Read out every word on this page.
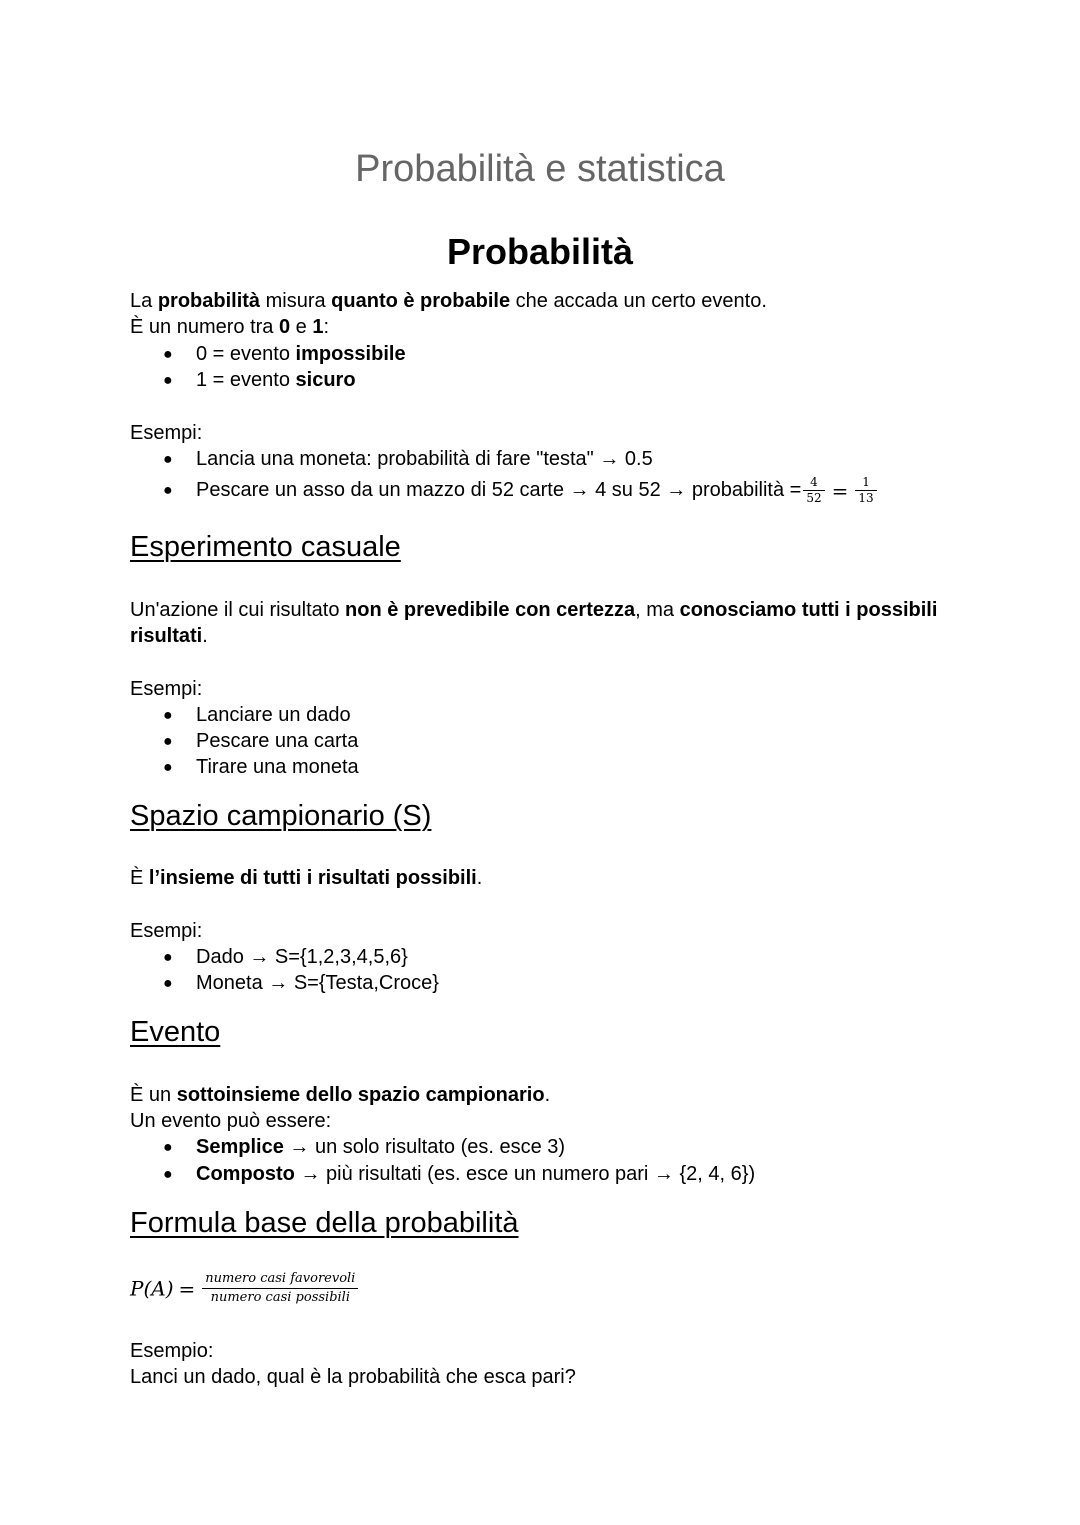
Probabilità e statistica
Probabilità
La probabilità misura quanto è probabile che accada un certo evento.
È un numero tra 0 e 1:
● 0 = evento impossibile
● 1 = evento sicuro
Esempi:
● Lancia una moneta: probabilità di fare "testa" → 0.5
● Pescare un asso da un mazzo di 52 carte → 4 su 52 → probabilità = $\frac{4}{52} = \frac{1}{13}$
Esperimento casuale
Un'azione il cui risultato non è prevedibile con certezza, ma conosciamo tutti i possibili
risultati.
Esempi:
● Lanciare un dado
● Pescare una carta
● Tirare una moneta
Spazio campionario (S)
È l’insieme di tutti i risultati possibili.
Esempi:
● Dado → S={1,2,3,4,5,6}
● Moneta → S={Testa,Croce}
Evento
È un sottoinsieme dello spazio campionario.
Un evento può essere:
● Semplice → un solo risultato (es. esce 3)
● Composto → più risultati (es. esce un numero pari → {2, 4, 6})
Formula base della probabilità
$P(A) = \frac{\text{numero casi favorevoli}}{\text{numero casi possibili}}$
Esempio:
Lanci un dado, qual è la probabilità che esca pari?
